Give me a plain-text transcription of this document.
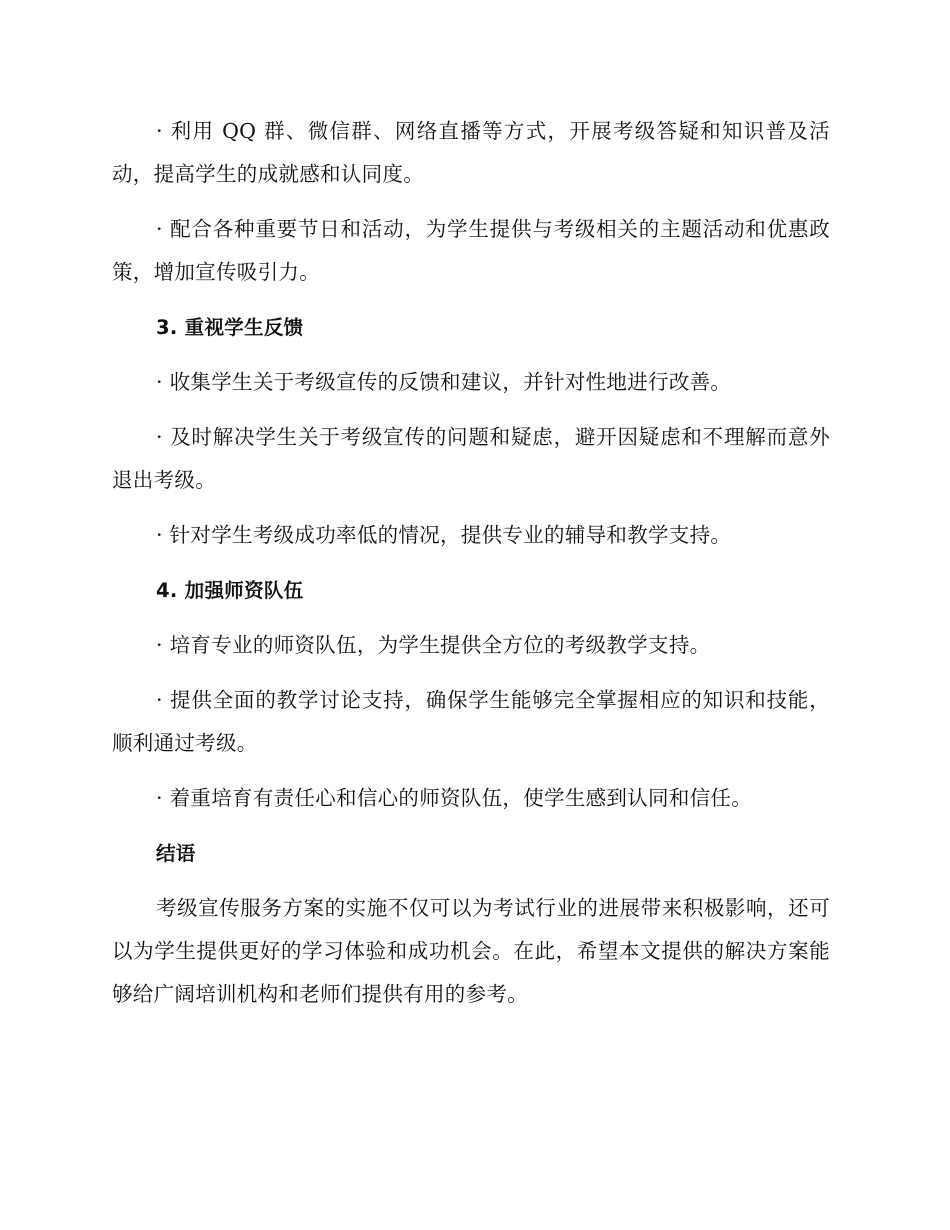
· 利用 QQ 群、微信群、网络直播等方式，开展考级答疑和知识普及活动，提高学生的成就感和认同度。

· 配合各种重要节日和活动，为学生提供与考级相关的主题活动和优惠政策，增加宣传吸引力。

3. 重视学生反馈

· 收集学生关于考级宣传的反馈和建议，并针对性地进行改善。

· 及时解决学生关于考级宣传的问题和疑虑，避开因疑虑和不理解而意外退出考级。

· 针对学生考级成功率低的情况，提供专业的辅导和教学支持。

4. 加强师资队伍

· 培育专业的师资队伍，为学生提供全方位的考级教学支持。

· 提供全面的教学讨论支持，确保学生能够完全掌握相应的知识和技能，顺利通过考级。

· 着重培育有责任心和信心的师资队伍，使学生感到认同和信任。

结语

考级宣传服务方案的实施不仅可以为考试行业的进展带来积极影响，还可以为学生提供更好的学习体验和成功机会。在此，希望本文提供的解决方案能够给广阔培训机构和老师们提供有用的参考。
